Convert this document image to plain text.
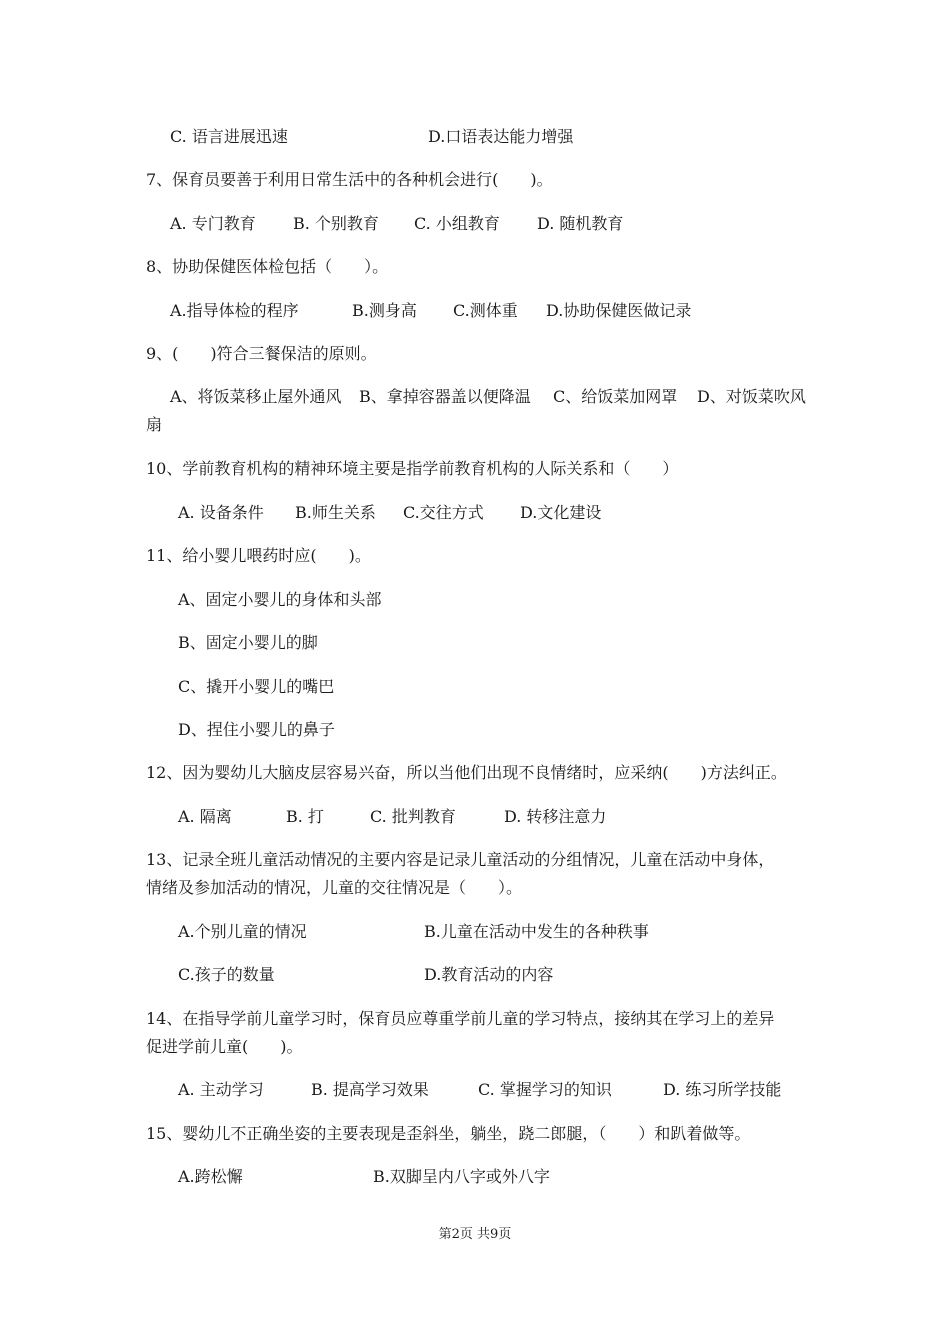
C. 语言进展迅速	D.口语表达能力增强
7、保育员要善于利用日常生活中的各种机会进行(　　)。
A. 专门教育 B. 个别教育 C. 小组教育 D. 随机教育
8、协助保健医体检包括（　　）。
A.指导体检的程序	B.测身高 C.测体重 D.协助保健医做记录
9、(　　)符合三餐保洁的原则。
A、将饭菜移止屋外通风 B、拿掉容器盖以便降温 C、给饭菜加网罩 D、对饭菜吹风
扇
10、学前教育机构的精神环境主要是指学前教育机构的人际关系和（　　）
A. 设备条件 B.师生关系 C.交往方式 D.文化建设
11、给小婴儿喂药时应(　　)。
A、固定小婴儿的身体和头部
B、固定小婴儿的脚
C、撬开小婴儿的嘴巴
D、捏住小婴儿的鼻子
12、因为婴幼儿大脑皮层容易兴奋，所以当他们出现不良情绪时，应采纳(　　)方法纠正。
A. 隔离	B. 打	C. 批判教育	D. 转移注意力
13、记录全班儿童活动情况的主要内容是记录儿童活动的分组情况，儿童在活动中身体，
情绪及参加活动的情况，儿童的交往情况是（　　）。
A.个别儿童的情况	B.儿童在活动中发生的各种秩事
C.孩子的数量	D.教育活动的内容
14、在指导学前儿童学习时，保育员应尊重学前儿童的学习特点，接纳其在学习上的差异
促进学前儿童(　　)。
A. 主动学习	B. 提高学习效果	C. 掌握学习的知识	D. 练习所学技能
15、婴幼儿不正确坐姿的主要表现是歪斜坐，躺坐，跷二郎腿，（　　）和趴着做等。
A.跨松懈	B.双脚呈内八字或外八字
第2页 共9页
